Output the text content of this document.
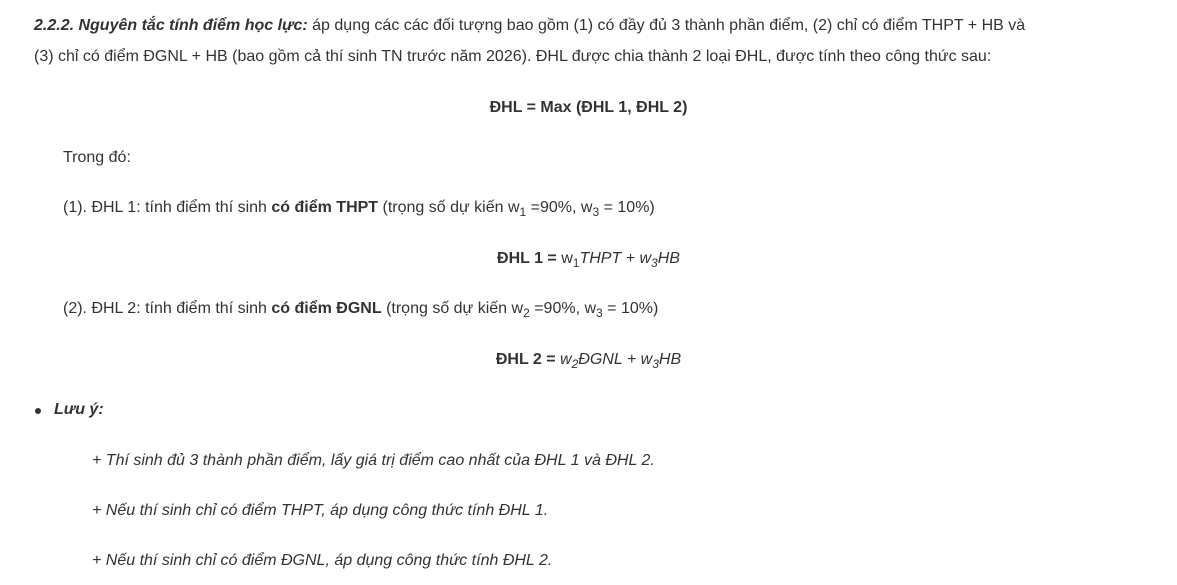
2.2.2. Nguyên tắc tính điểm học lực: áp dụng các các đối tượng bao gồm (1) có đầy đủ 3 thành phần điểm, (2) chỉ có điểm THPT + HB và
(3) chỉ có điểm ĐGNL + HB (bao gồm cả thí sinh TN trước năm 2026). ĐHL được chia thành 2 loại ĐHL, được tính theo công thức sau:
ĐHL = Max (ĐHL 1, ĐHL 2)
Trong đó:
(1). ĐHL 1: tính điểm thí sinh có điểm THPT (trọng số dự kiến $w_1 =90\%$, $w_3 = 10\%$)
ĐHL $1 = w_1THPT + w_3HB$
(2). ĐHL 2: tính điểm thí sinh có điểm ĐGNL (trọng số dự kiến $w_2 =90\%$, $w_3 = 10\%$)
ĐHL $2 = w_2ĐGNL + w_3HB$
Lưu ý:
+ Thí sinh đủ 3 thành phần điểm, lấy giá trị điểm cao nhất của ĐHL 1 và ĐHL 2.
+ Nếu thí sinh chỉ có điểm THPT, áp dụng công thức tính ĐHL 1.
+ Nếu thí sinh chỉ có điểm ĐGNL, áp dụng công thức tính ĐHL 2.
